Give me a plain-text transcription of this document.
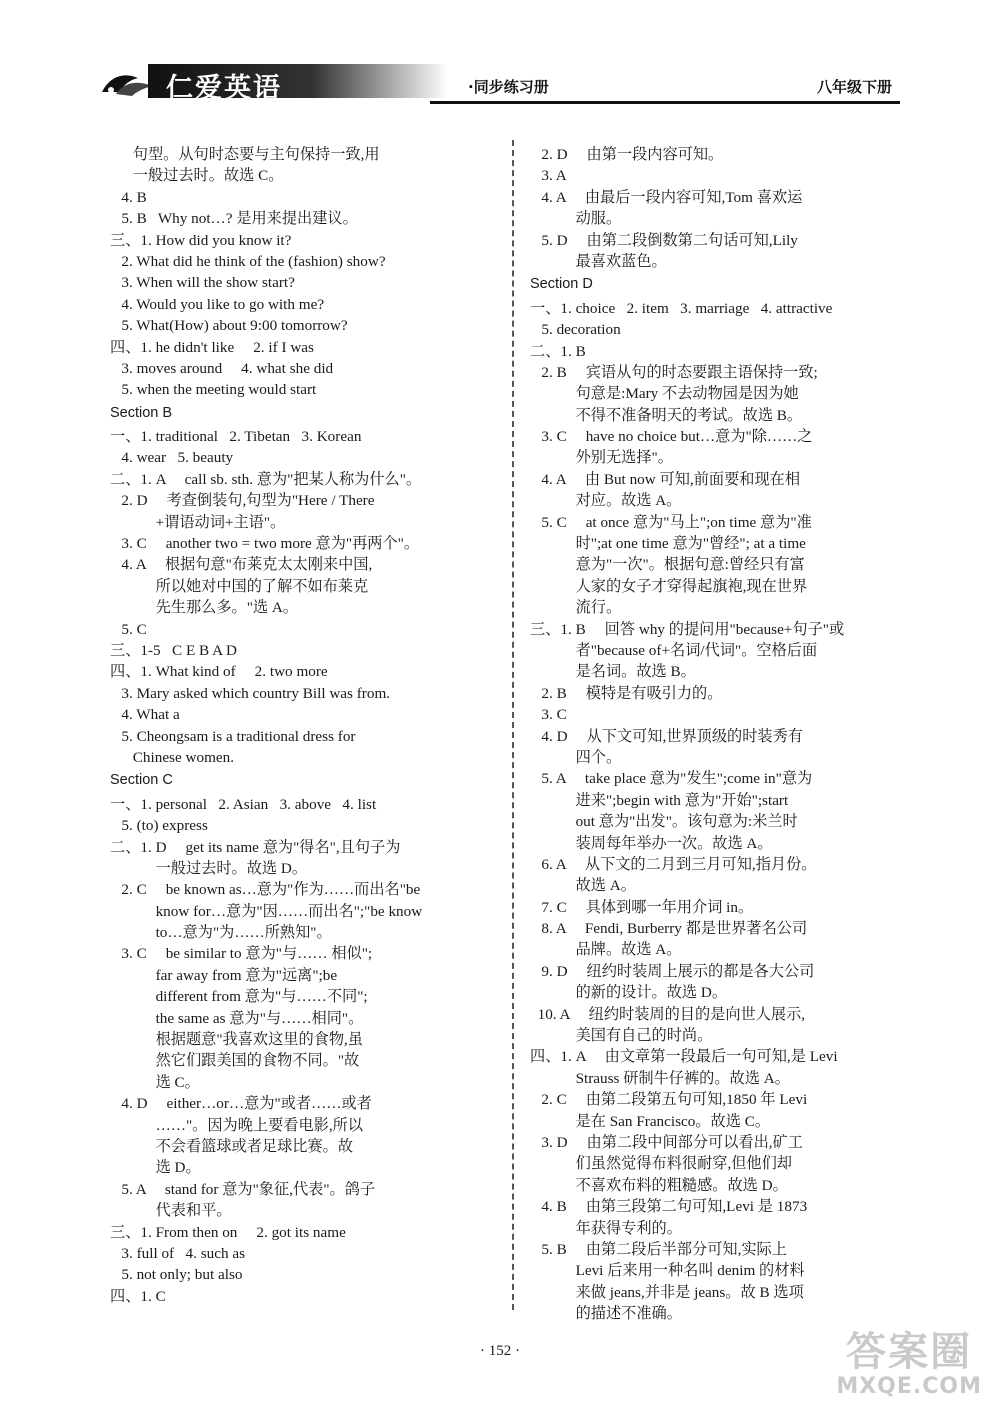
仁爱英语	·同步练习册	八年级下册
句型。从句时态要与主句保持一致,用
一般过去时。故选 C。
4. B
5. B   Why not…? 是用来提出建议。
三、1. How did you know it?
2. What did he think of the (fashion) show?
3. When will the show start?
4. Would you like to go with me?
5. What(How) about 9:00 tomorrow?
四、1. he didn't like     2. if I was
3. moves around     4. what she did
5. when the meeting would start
Section B
一、1. traditional   2. Tibetan   3. Korean
4. wear   5. beauty
二、1. A     call sb. sth. 意为"把某人称为什么"。
2. D     考查倒装句,句型为"Here / There
+谓语动词+主语"。
3. C     another two = two more 意为"再两个"。
4. A     根据句意"布莱克太太刚来中国,
所以她对中国的了解不如布莱克
先生那么多。"选 A。
5. C
三、1-5   C E B A D
四、1. What kind of     2. two more
3. Mary asked which country Bill was from.
4. What a
5. Cheongsam is a traditional dress for
Chinese women.
Section C
一、1. personal   2. Asian   3. above   4. list
5. (to) express
二、1. D     get its name 意为"得名",且句子为
一般过去时。故选 D。
2. C     be known as…意为"作为……而出名"be
know for…意为"因……而出名";"be know
to…意为"为……所熟知"。
3. C     be similar to 意为"与…… 相似";
far away from 意为"远离";be
different from 意为"与……不同";
the same as 意为"与……相同"。
根据题意"我喜欢这里的食物,虽
然它们跟美国的食物不同。"故
选 C。
4. D     either…or…意为"或者……或者
……"。因为晚上要看电影,所以
不会看篮球或者足球比赛。故
选 D。
5. A     stand for 意为"象征,代表"。鸽子
代表和平。
三、1. From then on     2. got its name
3. full of   4. such as
5. not only; but also
四、1. C
2. D     由第一段内容可知。
3. A
4. A     由最后一段内容可知,Tom 喜欢运
动服。
5. D     由第二段倒数第二句话可知,Lily
最喜欢蓝色。
Section D
一、1. choice   2. item   3. marriage   4. attractive
5. decoration
二、1. B
2. B     宾语从句的时态要跟主语保持一致;
句意是:Mary 不去动物园是因为她
不得不准备明天的考试。故选 B。
3. C     have no choice but…意为"除……之
外别无选择"。
4. A     由 But now 可知,前面要和现在相
对应。故选 A。
5. C     at once 意为"马上";on time 意为"准
时";at one time 意为"曾经"; at a time
意为"一次"。根据句意:曾经只有富
人家的女子才穿得起旗袍,现在世界
流行。
三、1. B     回答 why 的提问用"because+句子"或
者"because of+名词/代词"。空格后面
是名词。故选 B。
2. B     模特是有吸引力的。
3. C
4. D     从下文可知,世界顶级的时装秀有
四个。
5. A     take place 意为"发生";come in"意为
进来";begin with 意为"开始";start
out 意为"出发"。该句意为:米兰时
装周每年举办一次。故选 A。
6. A     从下文的二月到三月可知,指月份。
故选 A。
7. C     具体到哪一年用介词 in。
8. A     Fendi, Burberry 都是世界著名公司
品牌。故选 A。
9. D     纽约时装周上展示的都是各大公司
的新的设计。故选 D。
10. A     纽约时装周的目的是向世人展示,
美国有自己的时尚。
四、1. A     由文章第一段最后一句可知,是 Levi
Strauss 研制牛仔裤的。故选 A。
2. C     由第二段第五句可知,1850 年 Levi
是在 San Francisco。故选 C。
3. D     由第二段中间部分可以看出,矿工
们虽然觉得布料很耐穿,但他们却
不喜欢布料的粗糙感。故选 D。
4. B     由第三段第二句可知,Levi 是 1873
年获得专利的。
5. B     由第二段后半部分可知,实际上
Levi 后来用一种名叫 denim 的材料
来做 jeans,并非是 jeans。故 B 选项
的描述不准确。
· 152 ·	答案圈
MXQE.COM
